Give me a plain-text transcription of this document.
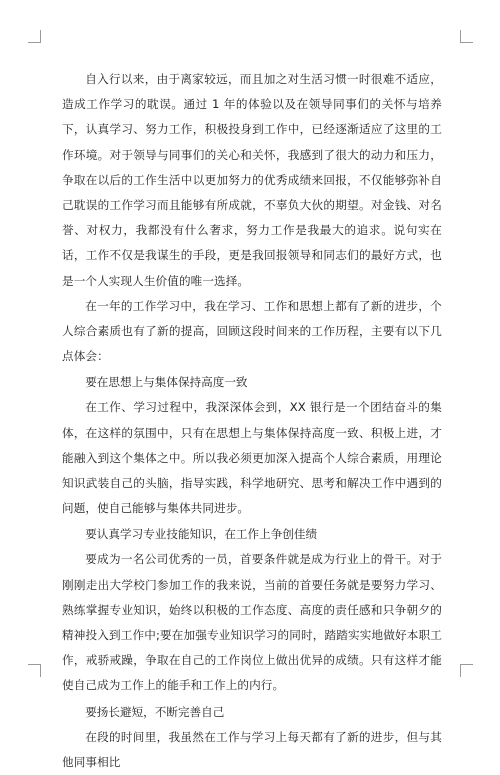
自入行以来，由于离家较远，而且加之对生活习惯一时很难不适应，造成工作学习的耽误。通过 1 年的体验以及在领导同事们的关怀与培养下，认真学习、努力工作，积极投身到工作中，已经逐渐适应了这里的工作环境。对于领导与同事们的关心和关怀，我感到了很大的动力和压力，争取在以后的工作生活中以更加努力的优秀成绩来回报，不仅能够弥补自己耽误的工作学习而且能够有所成就，不辜负大伙的期望。对金钱、对名誉、对权力，我都没有什么奢求，努力工作是我最大的追求。说句实在话，工作不仅是我谋生的手段，更是我回报领导和同志们的最好方式，也是一个人实现人生价值的唯一选择。

在一年的工作学习中，我在学习、工作和思想上都有了新的进步，个人综合素质也有了新的提高，回顾这段时间来的工作历程，主要有以下几点体会：

要在思想上与集体保持高度一致

在工作、学习过程中，我深深体会到，XX 银行是一个团结奋斗的集体，在这样的氛围中，只有在思想上与集体保持高度一致、积极上进，才能融入到这个集体之中。所以我必须更加深入提高个人综合素质，用理论知识武装自己的头脑，指导实践，科学地研究、思考和解决工作中遇到的问题，使自己能够与集体共同进步。

要认真学习专业技能知识，在工作上争创佳绩

要成为一名公司优秀的一员，首要条件就是成为行业上的骨干。对于刚刚走出大学校门参加工作的我来说，当前的首要任务就是要努力学习、熟练掌握专业知识，始终以积极的工作态度、高度的责任感和只争朝夕的精神投入到工作中;要在加强专业知识学习的同时，踏踏实实地做好本职工作，戒骄戒躁，争取在自己的工作岗位上做出优异的成绩。只有这样才能使自己成为工作上的能手和工作上的内行。

要扬长避短，不断完善自己

在段的时间里，我虽然在工作与学习上每天都有了新的进步，但与其他同事相比
